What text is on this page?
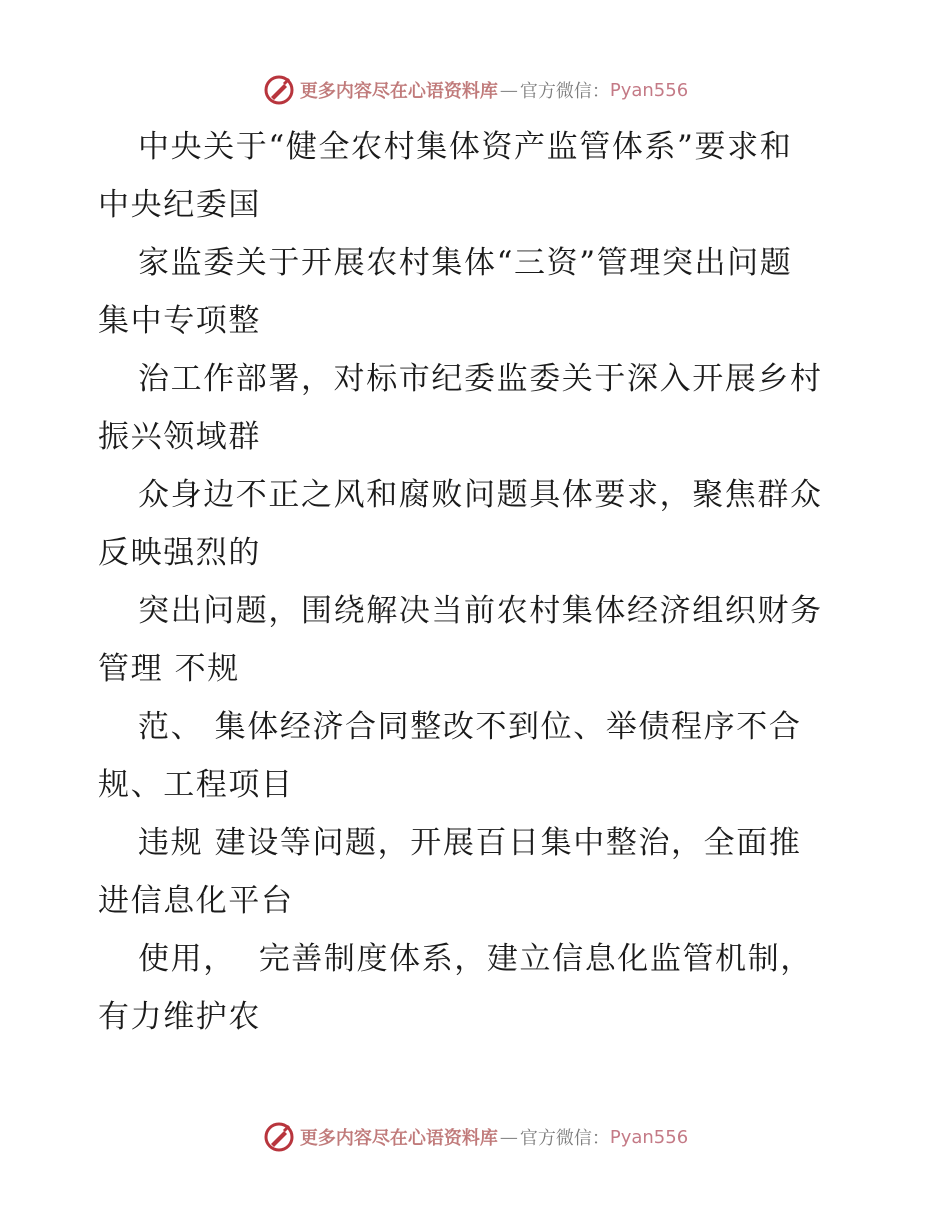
更多内容尽在心语资料库 — 官方微信： Pyan556

中央关于“健全农村集体资产监管体系”要求和

中央纪委国

家监委关于开展农村集体“三资”管理突出问题

集中专项整

治工作部署，对标市纪委监委关于深入开展乡村

振兴领域群

众身边不正之风和腐败问题具体要求，聚焦群众

反映强烈的

突出问题，围绕解决当前农村集体经济组织财务

管理 不规

范、 集体经济合同整改不到位、举债程序不合

规、工程项目

违规 建设等问题，开展百日集中整治，全面推

进信息化平台

使用，  完善制度体系，建立信息化监管机制，

有力维护农

更多内容尽在心语资料库 — 官方微信： Pyan556
